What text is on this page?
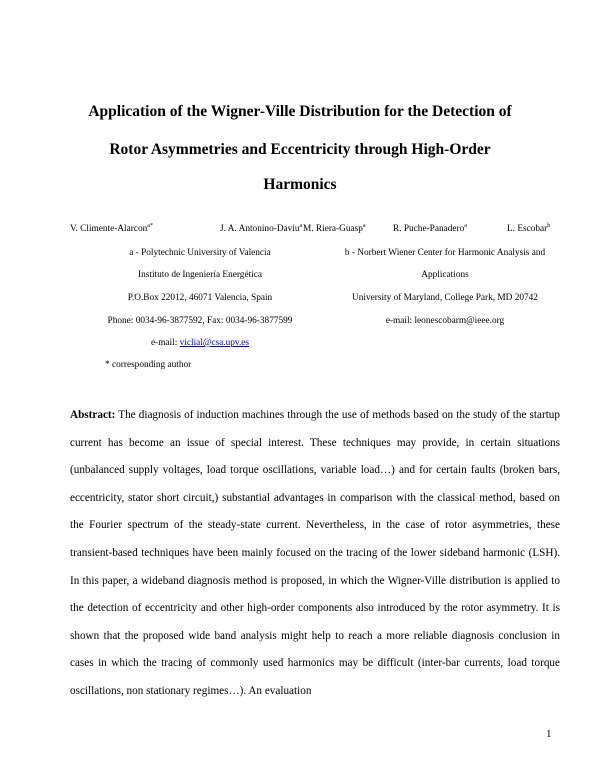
Application of the Wigner-Ville Distribution for the Detection of
Rotor Asymmetries and Eccentricity through High-Order
Harmonics
V. Climente-Alarcon$^{a*}$	J. A. Antonino-Daviu$^a$ M. Riera-Guasp$^a$	R. Puche-Panadero$^a$	L. Escobar$^b$
a - Polytechnic University of Valencia
Instituto de Ingeniería Energética
P.O.Box 22012, 46071 Valencia, Spain
Phone: 0034-96-3877592, Fax: 0034-96-3877599
e-mail: viclial@csa.upv.es
* corresponding author
b - Norbert Wiener Center for Harmonic Analysis and
Applications
University of Maryland, College Park, MD 20742
e-mail: leonescobarm@ieee.org

Abstract: The diagnosis of induction machines through the use of methods based on the study of the startup current has become an issue of special interest. These techniques may provide, in certain situations (unbalanced supply voltages, load torque oscillations, variable load…) and for certain faults (broken bars, eccentricity, stator short circuit,) substantial advantages in comparison with the classical method, based on the Fourier spectrum of the steady-state current. Nevertheless, in the case of rotor asymmetries, these transient-based techniques have been mainly focused on the tracing of the lower sideband harmonic (LSH). In this paper, a wideband diagnosis method is proposed, in which the Wigner-Ville distribution is applied to the detection of eccentricity and other high-order components also introduced by the rotor asymmetry. It is shown that the proposed wide band analysis might help to reach a more reliable diagnosis conclusion in cases in which the tracing of commonly used harmonics may be difficult (inter-bar currents, load torque oscillations, non stationary regimes…). An evaluation

1
